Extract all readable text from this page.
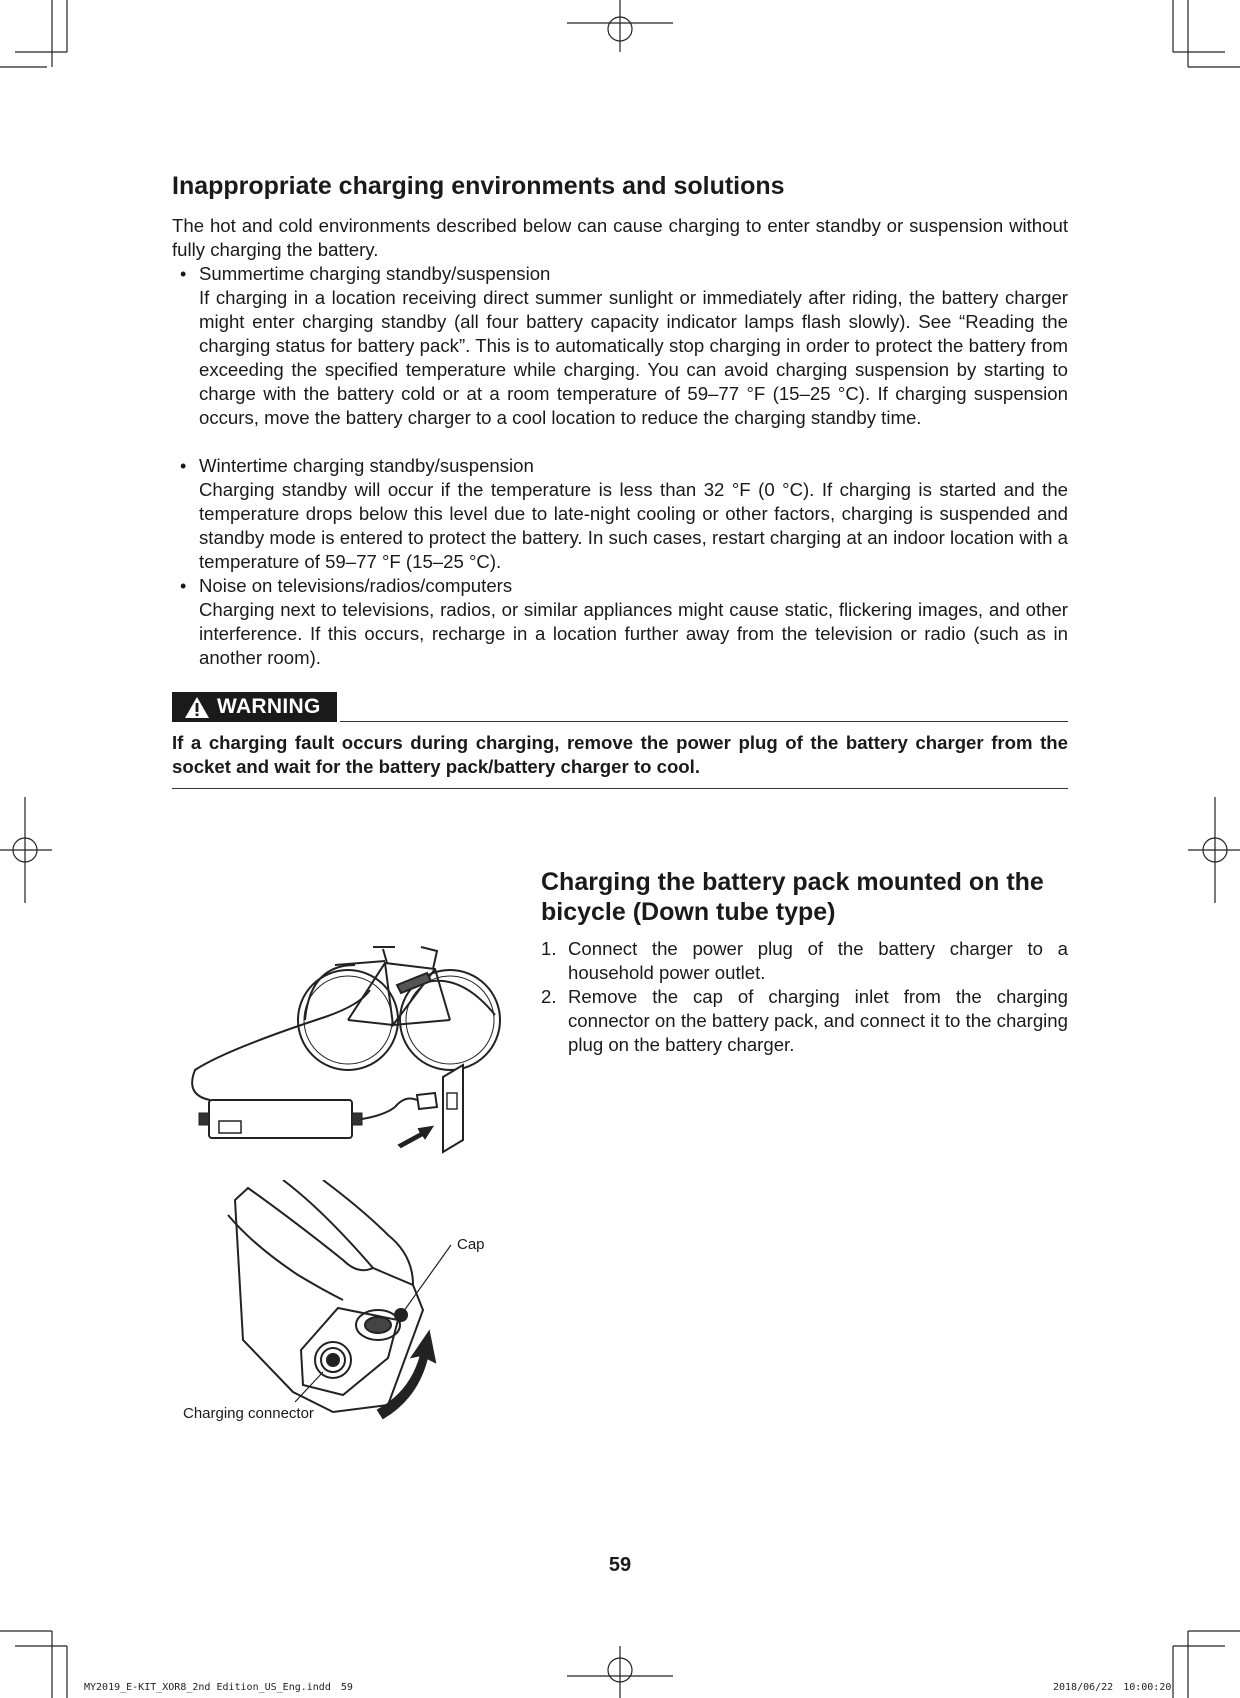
Inappropriate charging environments and solutions

The hot and cold environments described below can cause charging to enter standby or suspension without fully charging the battery.

• Summertime charging standby/suspension

If charging in a location receiving direct summer sunlight or immediately after riding, the battery charger might enter charging standby (all four battery capacity indicator lamps flash slowly). See “Reading the charging status for battery pack”. This is to automatically stop charging in order to protect the battery from exceeding the specified temperature while charging. You can avoid charging suspension by starting to charge with the battery cold or at a room temperature of 59–77 °F (15–25 °C). If charging suspension occurs, move the battery charger to a cool location to reduce the charging standby time.

• Wintertime charging standby/suspension

Charging standby will occur if the temperature is less than 32 °F (0 °C). If charging is started and the temperature drops below this level due to late-night cooling or other factors, charging is suspended and standby mode is entered to protect the battery. In such cases, restart charging at an indoor location with a temperature of 59–77 °F (15–25 °C).

• Noise on televisions/radios/computers

Charging next to televisions, radios, or similar appliances might cause static, flickering images, and other interference. If this occurs, recharge in a location further away from the television or radio (such as in another room).

WARNING

If a charging fault occurs during charging, remove the power plug of the battery charger from the socket and wait for the battery pack/battery charger to cool.

Charging the battery pack mounted on the bicycle (Down tube type)
1. Connect the power plug of the battery charger to a household power outlet.

2. Remove the cap of charging inlet from the charging connector on the battery pack, and connect it to the charging plug on the battery charger.

Cap
Charging connector
59
MY2019_E-KIT_XOR8_2nd Edition_US_Eng.indd　59	2018/06/22　10:00:20
